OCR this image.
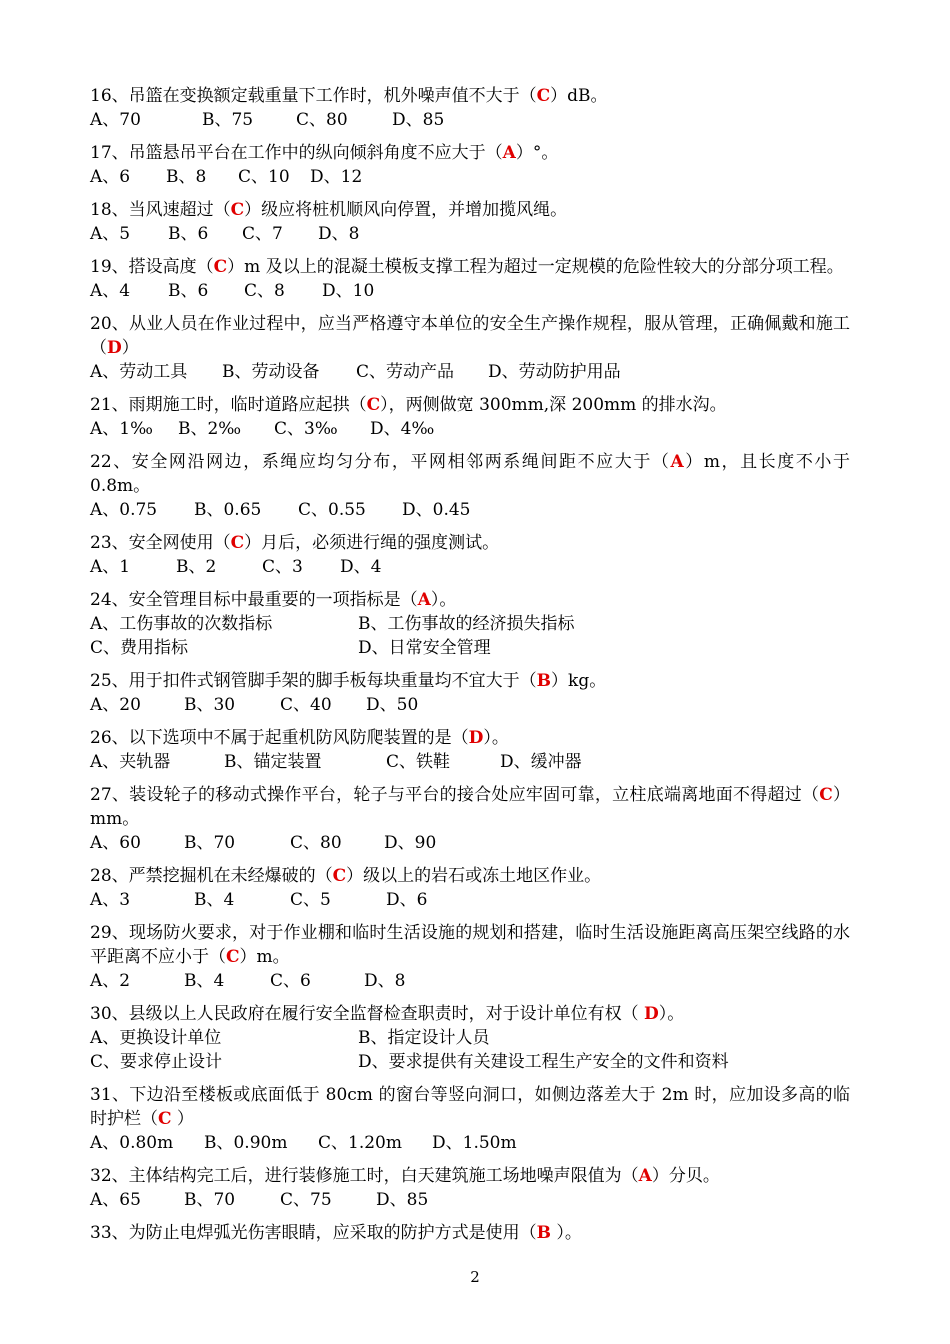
16、吊篮在变换额定载重量下工作时，机外噪声值不大于（C）dB。
A、70	B、75	C、80	D、85
17、吊篮悬吊平台在工作中的纵向倾斜角度不应大于（A）°。
A、6	B、8	C、10	D、12
18、当风速超过（C）级应将桩机顺风向停置，并增加揽风绳。
A、5	B、6	C、7	D、8
19、搭设高度（C）m 及以上的混凝土模板支撑工程为超过一定规模的危险性较大的分部分项工程。
A、4	B、6	C、8	D、10
20、从业人员在作业过程中，应当严格遵守本单位的安全生产操作规程，服从管理，正确佩戴和施工（D）
A、劳动工具	B、劳动设备	C、劳动产品	D、劳动防护用品
21、雨期施工时，临时道路应起拱（C），两侧做宽 300mm,深 200mm 的排水沟。
A、1‰	B、2‰	C、3‰	D、4‰
22、安全网沿网边，系绳应均匀分布，平网相邻两系绳间距不应大于（A）m，且长度不小于 0.8m。
A、0.75	B、0.65	C、0.55	D、0.45
23、安全网使用（C）月后，必须进行绳的强度测试。
A、1	B、2	C、3	D、4
24、安全管理目标中最重要的一项指标是（A）。
A、工伤事故的次数指标	B、工伤事故的经济损失指标
C、费用指标	D、日常安全管理
25、用于扣件式钢管脚手架的脚手板每块重量均不宜大于（B）kg。
A、20	B、30	C、40	D、50
26、以下选项中不属于起重机防风防爬装置的是（D）。
A、夹轨器	B、锚定装置	C、铁鞋	D、缓冲器
27、装设轮子的移动式操作平台，轮子与平台的接合处应牢固可靠，立柱底端离地面不得超过（C）mm。
A、60	B、70	C、80	D、90
28、严禁挖掘机在未经爆破的（C）级以上的岩石或冻土地区作业。
A、3	B、4	C、5	D、6
29、现场防火要求，对于作业棚和临时生活设施的规划和搭建，临时生活设施距离高压架空线路的水平距离不应小于（C）m。
A、2	B、4	C、6	D、8
30、县级以上人民政府在履行安全监督检查职责时，对于设计单位有权（ D）。
A、更换设计单位	B、指定设计人员
C、要求停止设计	D、要求提供有关建设工程生产安全的文件和资料
31、下边沿至楼板或底面低于 80cm 的窗台等竖向洞口，如侧边落差大于 2m 时，应加设多高的临时护栏（C ）
A、0.80m	B、0.90m	C、1.20m	D、1.50m
32、主体结构完工后，进行装修施工时，白天建筑施工场地噪声限值为（A）分贝。
A、65	B、70	C、75	D、85
33、为防止电焊弧光伤害眼睛，应采取的防护方式是使用（B ）。
2
